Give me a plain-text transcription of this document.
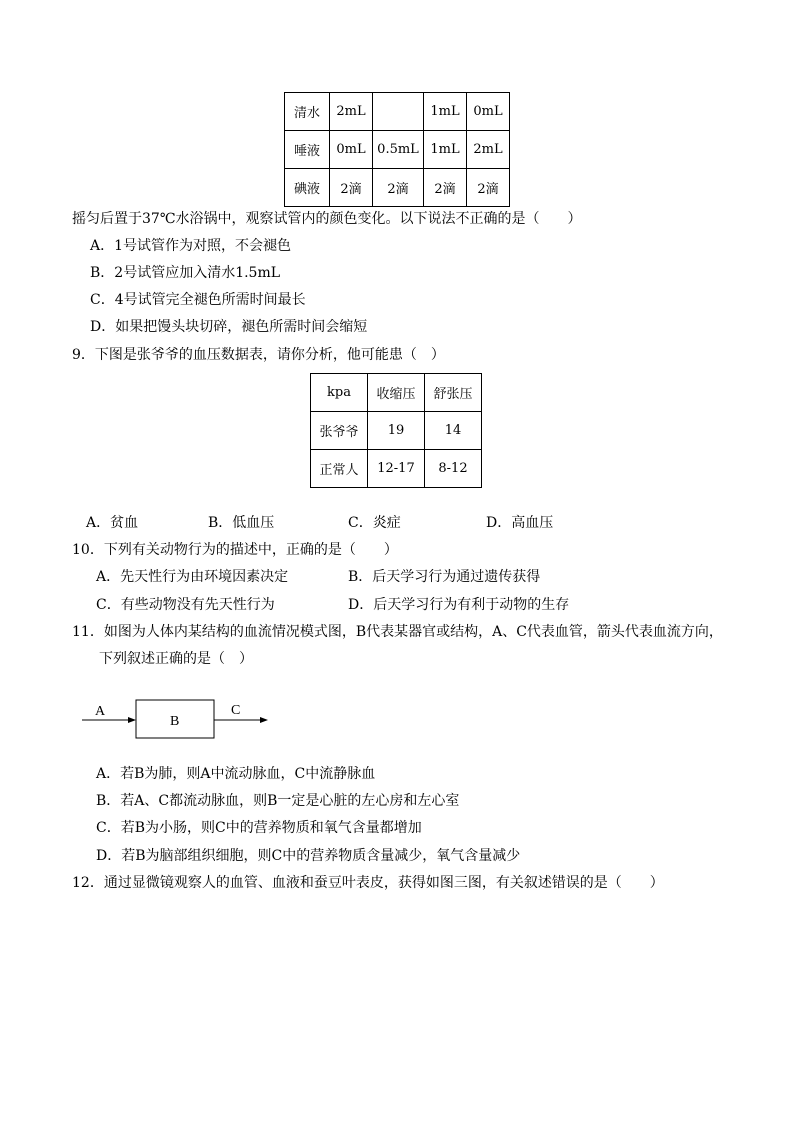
清水	2mL		1mL	0mL
唾液	0mL	0.5mL	1mL	2mL
碘液	2滴	2滴	2滴	2滴
摇匀后置于37℃水浴锅中，观察试管内的颜色变化。以下说法不正确的是（　　）
A．1号试管作为对照，不会褪色
B．2号试管应加入清水1.5mL
C．4号试管完全褪色所需时间最长
D．如果把馒头块切碎，褪色所需时间会缩短
9．下图是张爷爷的血压数据表，请你分析，他可能患（　）
kpa	收缩压	舒张压
张爷爷	19	14
正常人	12-17	8-12
A．贫血	B．低血压	C．炎症	D．高血压
10．下列有关动物行为的描述中，正确的是（　　）
A．先天性行为由环境因素决定	B．后天学习行为通过遗传获得
C．有些动物没有先天性行为	D．后天学习行为有利于动物的生存
11．如图为人体内某结构的血流情况模式图，B代表某器官或结构，A、C代表血管，箭头代表血流方向，
下列叙述正确的是（　）
A
B
C
A．若B为肺，则A中流动脉血，C中流静脉血
B．若A、C都流动脉血，则B一定是心脏的左心房和左心室
C．若B为小肠，则C中的营养物质和氧气含量都增加
D．若B为脑部组织细胞，则C中的营养物质含量减少，氧气含量减少
12．通过显微镜观察人的血管、血液和蚕豆叶表皮，获得如图三图，有关叙述错误的是（　　）
